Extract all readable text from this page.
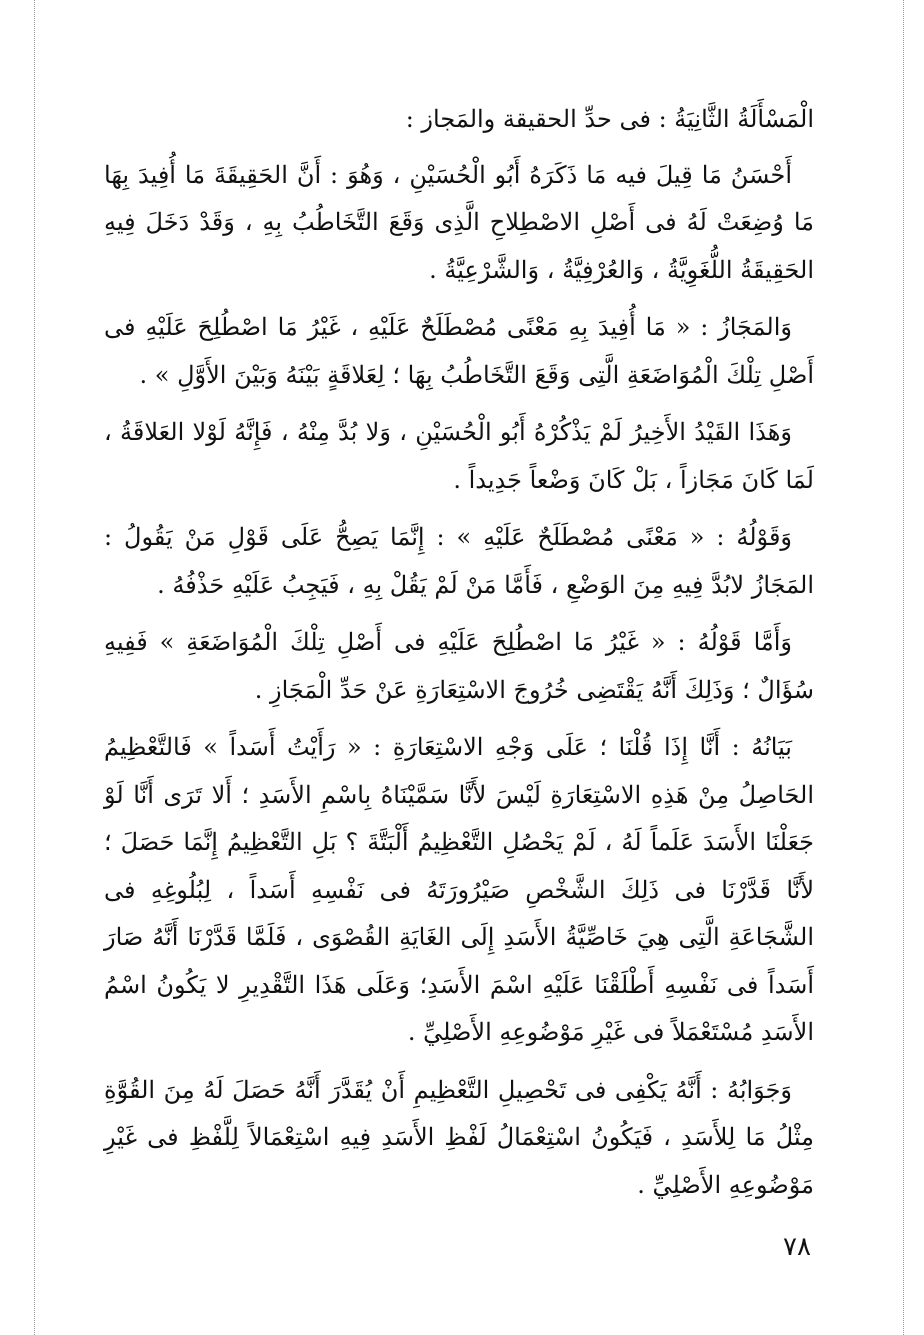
الْمَسْأَلَةُ الثَّانِيَةُ : فى حدِّ الحقيقة والمَجاز :

أَحْسَنُ مَا قِيلَ فيه مَا ذَكَرَهُ أَبُو الْحُسَيْنِ ، وَهُوَ : أَنَّ الحَقِيقَةَ مَا أُفِيدَ بِهَا مَا وُضِعَتْ لَهُ فى أَصْلِ الاصْطِلاحِ الَّذِى وَقَعَ التَّخَاطُبُ بِهِ ، وَقَدْ دَخَلَ فِيهِ الحَقِيقَةُ اللُّغَوِيَّةُ ، وَالعُرْفِيَّةُ ، وَالشَّرْعِيَّةُ .

وَالمَجَازُ : « مَا أُفِيدَ بِهِ مَعْنًى مُصْطَلَحٌ عَلَيْهِ ، غَيْرُ مَا اصْطُلِحَ عَلَيْهِ فى أَصْلِ تِلْكَ الْمُوَاضَعَةِ الَّتِى وَقَعَ التَّخَاطُبُ بِهَا ؛ لِعَلاقَةٍ بَيْنَهُ وَبَيْنَ الأَوَّلِ » .

وَهَذَا القَيْدُ الأَخِيرُ لَمْ يَذْكُرْهُ أَبُو الْحُسَيْنِ ، وَلا بُدَّ مِنْهُ ، فَإِنَّهُ لَوْلا العَلاقَةُ ، لَمَا كَانَ مَجَازاً ، بَلْ كَانَ وَضْعاً جَدِيداً .

وَقَوْلُهُ : « مَعْنًى مُصْطَلَحٌ عَلَيْهِ » : إِنَّمَا يَصِحُّ عَلَى قَوْلِ مَنْ يَقُولُ : المَجَازُ لابُدَّ فِيهِ مِنَ الوَضْعِ ، فَأَمَّا مَنْ لَمْ يَقُلْ بِهِ ، فَيَجِبُ عَلَيْهِ حَذْفُهُ .

وَأَمَّا قَوْلُهُ : « غَيْرُ مَا اصْطُلِحَ عَلَيْهِ فى أَصْلِ تِلْكَ الْمُوَاضَعَةِ » فَفِيهِ سُؤَالٌ ؛ وَذَلِكَ أَنَّهُ يَقْتَضِى خُرُوجَ الاسْتِعَارَةِ عَنْ حَدِّ الْمَجَازِ .

بَيَانُهُ : أَنَّا إِذَا قُلْنَا ؛ عَلَى وَجْهِ الاسْتِعَارَةِ : « رَأَيْتُ أَسَداً » فَالتَّعْظِيمُ الحَاصِلُ مِنْ هَذِهِ الاسْتِعَارَةِ لَيْسَ لأَنَّا سَمَّيْنَاهُ بِاسْمِ الأَسَدِ ؛ أَلا تَرَى أَنَّا لَوْ جَعَلْنَا الأَسَدَ عَلَماً لَهُ ، لَمْ يَحْصُلِ التَّعْظِيمُ أَلْبَتَّةَ ؟ بَلِ التَّعْظِيمُ إِنَّمَا حَصَلَ ؛ لأَنَّا قَدَّرْنَا فى ذَلِكَ الشَّخْصِ صَيْرُورَتَهُ فى نَفْسِهِ أَسَداً ، لِبُلُوغِهِ فى الشَّجَاعَةِ الَّتِى هِيَ خَاصِّيَّةُ الأَسَدِ إِلَى الغَايَةِ القُصْوَى ، فَلَمَّا قَدَّرْنَا أَنَّهُ صَارَ أَسَداً فى نَفْسِهِ أَطْلَقْنَا عَلَيْهِ اسْمَ الأَسَدِ؛ وَعَلَى هَذَا التَّقْدِيرِ لا يَكُونُ اسْمُ الأَسَدِ مُسْتَعْمَلاً فى غَيْرِ مَوْضُوعِهِ الأَصْلِيِّ .

وَجَوَابُهُ : أَنَّهُ يَكْفِى فى تَحْصِيلِ التَّعْظِيمِ أَنْ يُقَدَّرَ أَنَّهُ حَصَلَ لَهُ مِنَ القُوَّةِ مِثْلُ مَا لِلأَسَدِ ، فَيَكُونُ اسْتِعْمَالُ لَفْظِ الأَسَدِ فِيهِ اسْتِعْمَالاً لِلَّفْظِ فى غَيْرِ مَوْضُوعِهِ الأَصْلِيِّ .

٧٨
